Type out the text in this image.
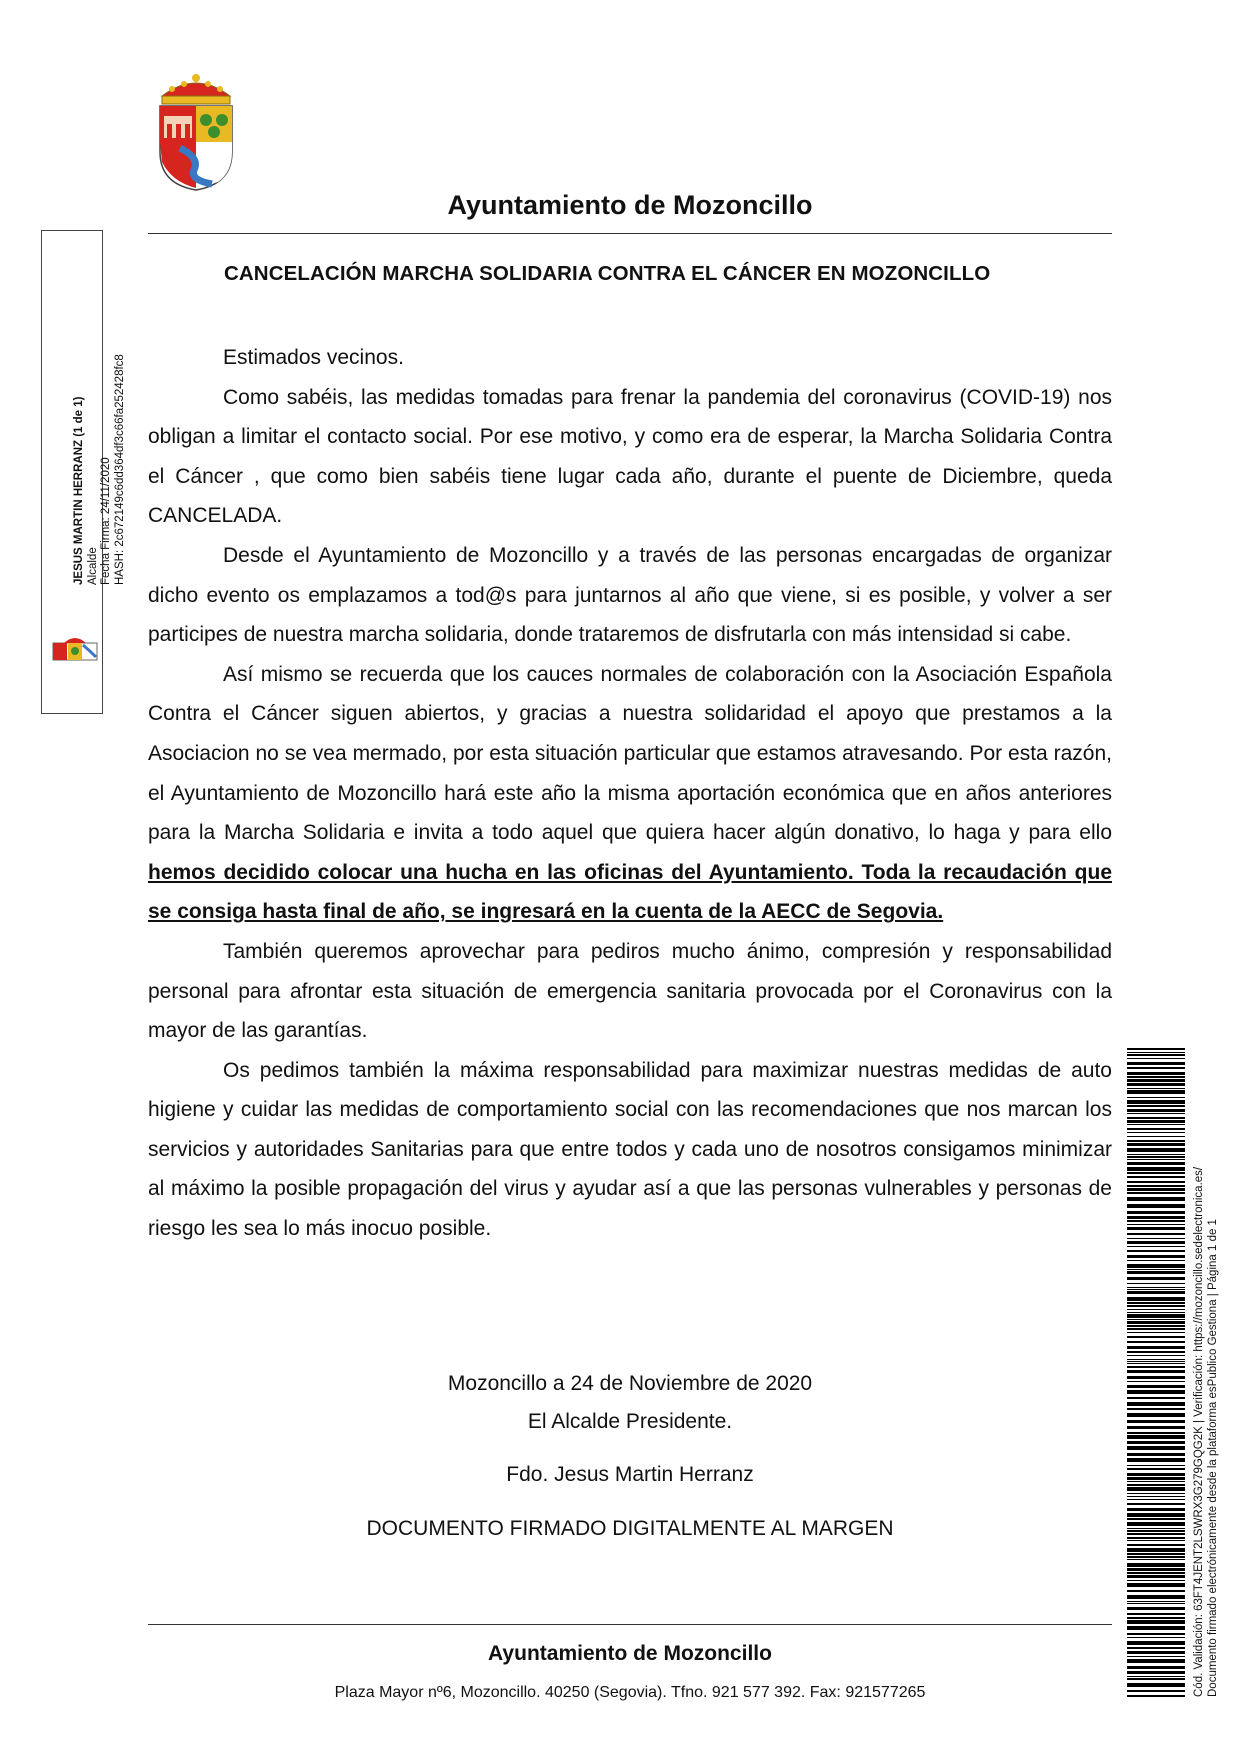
Ayuntamiento de Mozoncillo
CANCELACIÓN MARCHA SOLIDARIA CONTRA EL CÁNCER EN MOZONCILLO

Estimados vecinos.

Como sabéis, las medidas tomadas para frenar la pandemia del coronavirus (COVID-19) nos obligan a limitar el contacto social. Por ese motivo, y como era de esperar, la Marcha Solidaria Contra el Cáncer , que como bien sabéis tiene lugar cada año, durante el puente de Diciembre, queda CANCELADA.

Desde el Ayuntamiento de Mozoncillo y a través de las personas encargadas de organizar dicho evento os emplazamos a tod@s para juntarnos al año que viene, si es posible, y volver a ser participes de nuestra marcha solidaria, donde trataremos de disfrutarla con más intensidad si cabe.

Así mismo se recuerda que los cauces normales de colaboración con la Asociación Española Contra el Cáncer siguen abiertos, y gracias a nuestra solidaridad el apoyo que prestamos a la Asociacion no se vea mermado, por esta situación particular que estamos atravesando. Por esta razón, el Ayuntamiento de Mozoncillo hará este año la misma aportación económica que en años anteriores para la Marcha Solidaria e invita a todo aquel que quiera hacer algún donativo, lo haga y para ello hemos decidido colocar una hucha en las oficinas del Ayuntamiento. Toda la recaudación que se consiga hasta final de año, se ingresará en la cuenta de la AECC de Segovia.

También queremos aprovechar para pediros mucho ánimo, compresión y responsabilidad personal para afrontar esta situación de emergencia sanitaria provocada por el Coronavirus con la mayor de las garantías.

Os pedimos también la máxima responsabilidad para maximizar nuestras medidas de auto higiene y cuidar las medidas de comportamiento social con las recomendaciones que nos marcan los servicios y autoridades Sanitarias para que entre todos y cada uno de nosotros consigamos minimizar al máximo la posible propagación del virus y ayudar así a que las personas vulnerables y personas de riesgo les sea lo más inocuo posible.

Mozoncillo a 24 de Noviembre de 2020
El Alcalde Presidente.
Fdo. Jesus Martin Herranz
DOCUMENTO FIRMADO DIGITALMENTE AL MARGEN
Ayuntamiento de Mozoncillo
Plaza Mayor nº6, Mozoncillo. 40250 (Segovia). Tfno. 921 577 392. Fax: 921577265
JESUS MARTIN HERRANZ (1 de 1) Alcalde Fecha Firma: 24/11/2020 HASH: 2c672149c6dd364df3c66fa252428fc8
Cód. Validación: 63FT4JENT2LSWRX3G279GQG2K | Verificación: https://mozoncillo.sedelectronica.es/ Documento firmado electrónicamente desde la plataforma esPublico Gestiona | Página 1 de 1
